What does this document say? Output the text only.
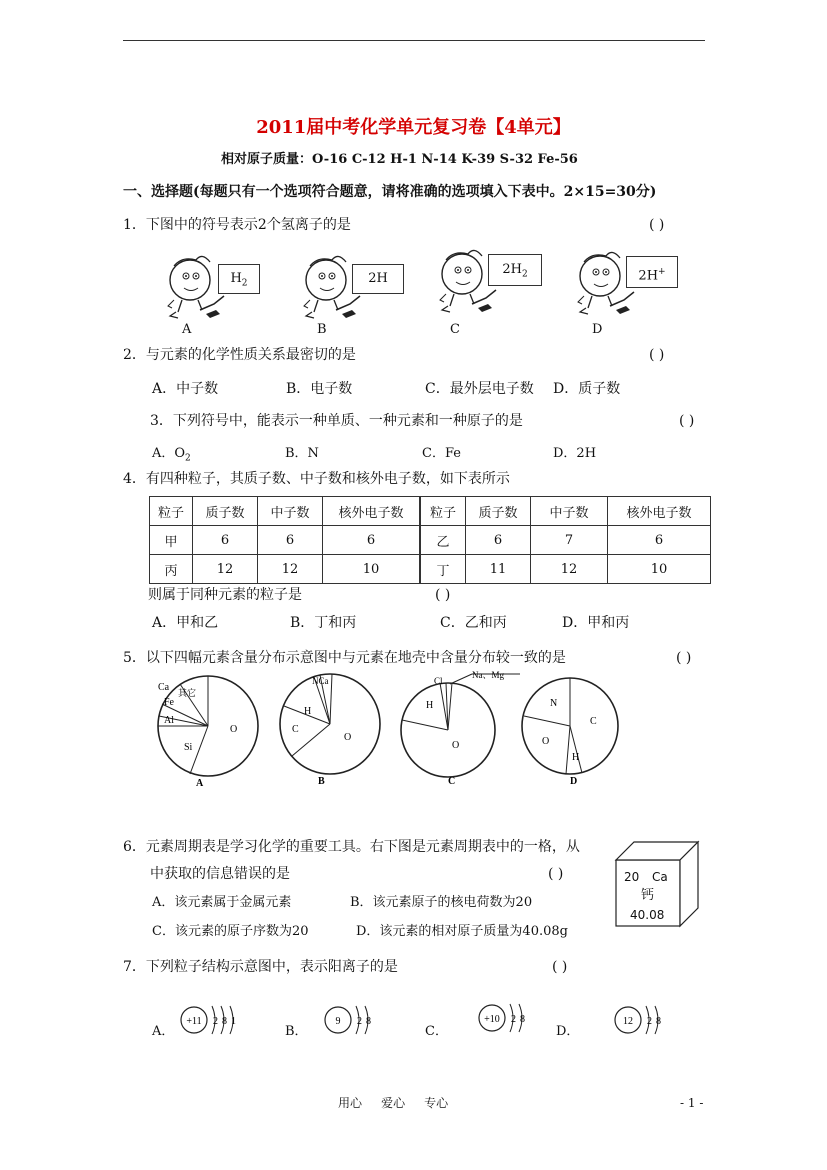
2011届中考化学单元复习卷【4单元】
相对原子质量：O-16 C-12 H-1 N-14 K-39 S-32 Fe-56
一、选择题(每题只有一个选项符合题意，请将准确的选项填入下表中。2×15=30分)
1．下图中的符号表示2个氢离子的是	( )
$H_2$	2H
$2H_2$	2H+
A	B	C	D
2．与元素的化学性质关系最密切的是	( )
A．中子数	B．电子数	C．最外层电子数 D．质子数
3．下列符号中，能表示一种单质、一种元素和一种原子的是	( )
A．$O_2$	B．N	C．Fe	D．2H
4．有四种粒子，其质子数、中子数和核外电子数，如下表所示
粒子	质子数	中子数	核外电子数	粒子	质子数	中子数	核外电子数
甲	6	6	6	乙	6	7	6
丙	12	12	10	丁	11	12	10
则属于同种元素的粒子是	( )
A．甲和乙	B．丁和丙	C．乙和丙	D．甲和丙
5．以下四幅元素含量分布示意图中与元素在地壳中含量分布较一致的是	( )
Ca
Fe
Al
Si
O
其它
A
NCa
H
C
O
B
Cl
Na、Mg
H
O
C
N
O
C
H
D
6．元素周期表是学习化学的重要工具。右下图是元素周期表中的一格，从
中获取的信息错误的是	( )
A．该元素属于金属元素	B．该元素原子的核电荷数为20
C．该元素的原子序数为20	D．该元素的相对原子质量为40.08g
20 Ca
钙
40.08
7．下列粒子结构示意图中，表示阳离子的是	( )
A．	B．	C．	D．
+11 2 8 1	9 2 8	+10 2 8	12 2 8
用心     爱心     专心	- 1 -
